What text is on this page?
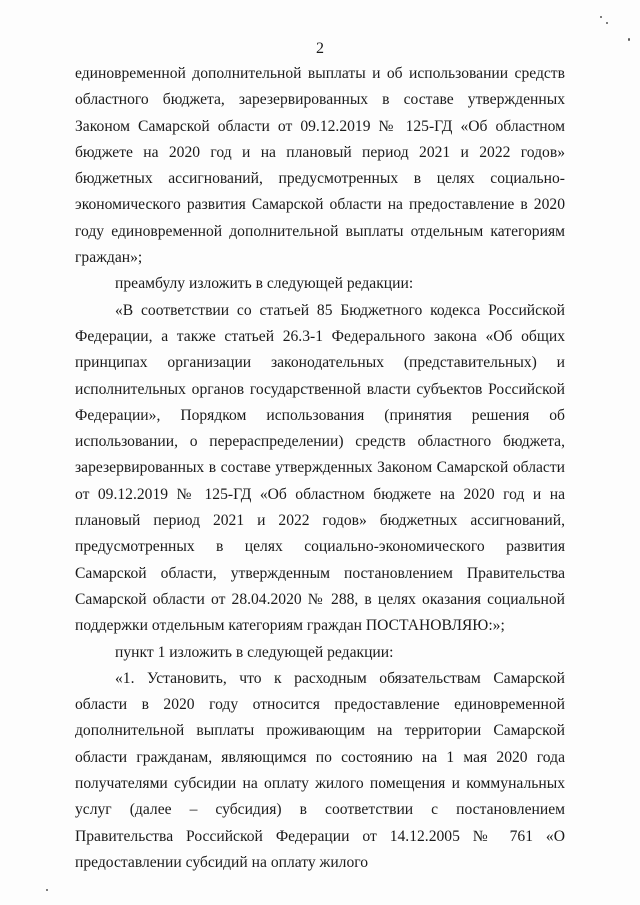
2

единовременной дополнительной выплаты и об использовании средств областного бюджета, зарезервированных в составе утвержденных Законом Самарской области от 09.12.2019 № 125-ГД «Об областном бюджете на 2020 год и на плановый период 2021 и 2022 годов» бюджетных ассигнований, предусмотренных в целях социально-экономического развития Самарской области на предоставление в 2020 году единовременной дополнительной выплаты отдельным категориям граждан»;

преамбулу изложить в следующей редакции:

«В соответствии со статьей 85 Бюджетного кодекса Российской Федерации, а также статьей 26.3-1 Федерального закона «Об общих принципах организации законодательных (представительных) и исполнительных органов государственной власти субъектов Российской Федерации», Порядком использования (принятия решения об использовании, о перераспределении) средств областного бюджета, зарезервированных в составе утвержденных Законом Самарской области от 09.12.2019 № 125-ГД «Об областном бюджете на 2020 год и на плановый период 2021 и 2022 годов» бюджетных ассигнований, предусмотренных в целях социально-экономического развития Самарской области, утвержденным постановлением Правительства Самарской области от 28.04.2020 № 288, в целях оказания социальной поддержки отдельным категориям граждан ПОСТАНОВЛЯЮ:»;

пункт 1 изложить в следующей редакции:

«1. Установить, что к расходным обязательствам Самарской области в 2020 году относится предоставление единовременной дополнительной выплаты проживающим на территории Самарской области гражданам, являющимся по состоянию на 1 мая 2020 года получателями субсидии на оплату жилого помещения и коммунальных услуг (далее – субсидия) в соответствии с постановлением Правительства Российской Федерации от 14.12.2005 № 761 «О предоставлении субсидий на оплату жилого
